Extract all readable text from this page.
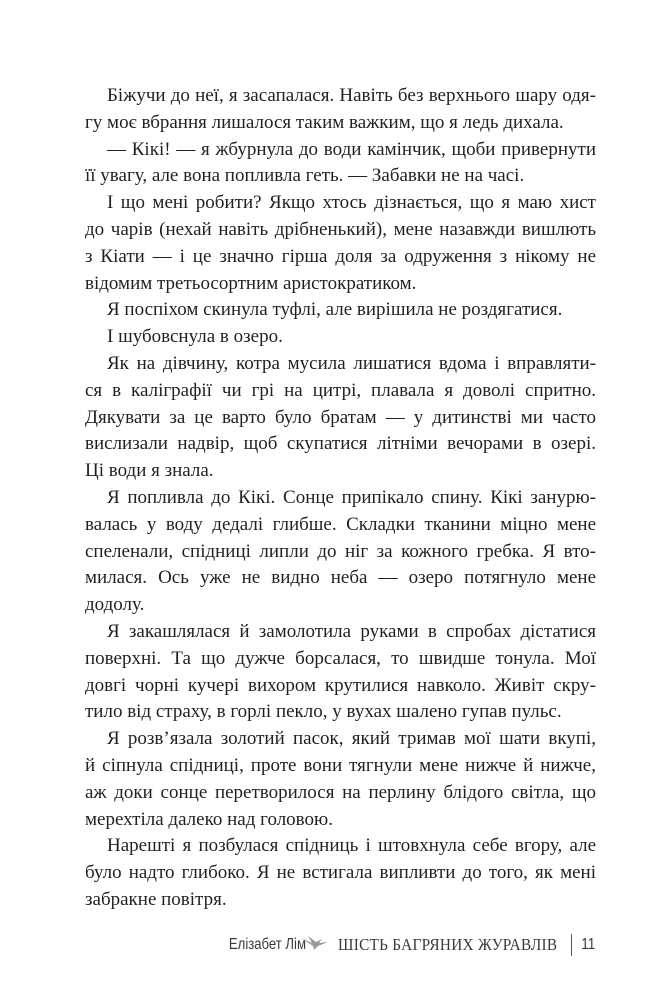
Біжучи до неї, я засапалася. Навіть без верхнього шару одя-
гу моє вбрання лишалося таким важким, що я ледь дихала.
— Кікі! — я жбурнула до води камінчик, щоби привернути
її увагу, але вона попливла геть. — Забавки не на часі.
І що мені робити? Якщо хтось дізнається, що я маю хист
до чарів (нехай навіть дрібненький), мене назавжди вишлють
з Кіати — і це значно гірша доля за одруження з нікому не
відомим третьосортним аристократиком.
Я поспіхом скинула туфлі, але вирішила не роздягатися.
І шубовснула в озеро.
Як на дівчину, котра мусила лишатися вдома і вправляти-
ся в каліграфії чи грі на цитрі, плавала я доволі спритно.
Дякувати за це варто було братам — у дитинстві ми часто
вислизали надвір, щоб скупатися літніми вечорами в озері.
Ці води я знала.
Я попливла до Кікі. Сонце припікало спину. Кікі занурю-
валась у воду дедалі глибше. Складки тканини міцно мене
спеленали, спідниці липли до ніг за кожного гребка. Я вто-
милася. Ось уже не видно неба — озеро потягнуло мене
додолу.
Я закашлялася й замолотила руками в спробах дістатися
поверхні. Та що дужче борсалася, то швидше тонула. Мої
довгі чорні кучері вихором крутилися навколо. Живіт скру-
тило від страху, в горлі пекло, у вухах шалено гупав пульс.
Я розв’язала золотий пасок, який тримав мої шати вкупі,
й сіпнула спідниці, проте вони тягнули мене нижче й нижче,
аж доки сонце перетворилося на перлину блідого світла, що
мерехтіла далеко над головою.
Нарешті я позбулася спідниць і штовхнула себе вгору, але
було надто глибоко. Я не встигала випливти до того, як мені
забракне повітря.
Елізабет Лім ШІСТЬ БАГРЯНИХ ЖУРАВЛІВ 11
